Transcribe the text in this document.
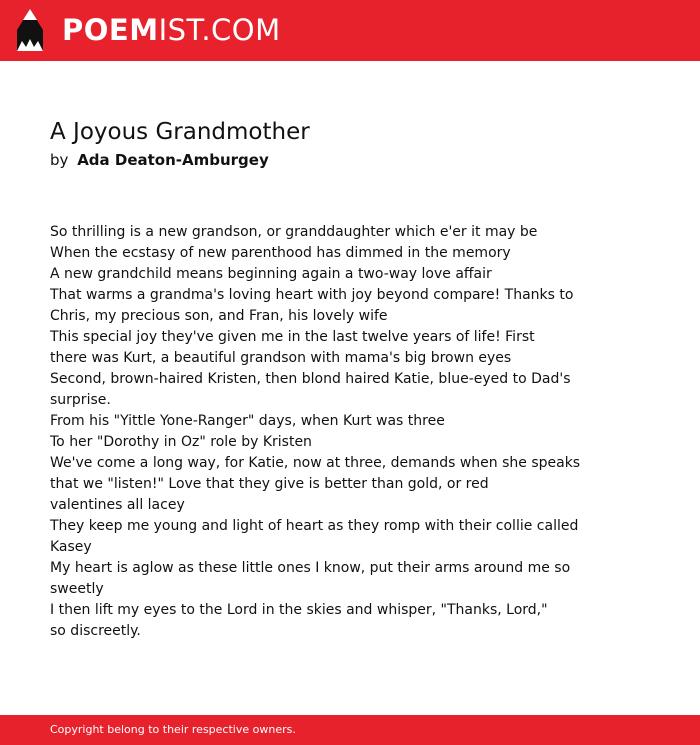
POEMIST.COM
A Joyous Grandmother
by Ada Deaton-Amburgey
So thrilling is a new grandson, or granddaughter which e'er it may be
When the ecstasy of new parenthood has dimmed in the memory
A new grandchild means beginning again a two-way love affair
That warms a grandma's loving heart with joy beyond compare! Thanks to
Chris, my precious son, and Fran, his lovely wife
This special joy they've given me in the last twelve years of life! First
there was Kurt, a beautiful grandson with mama's big brown eyes
Second, brown-haired Kristen, then blond haired Katie, blue-eyed to Dad's
surprise.
From his "Yittle Yone-Ranger" days, when Kurt was three
To her "Dorothy in Oz" role by Kristen
We've come a long way, for Katie, now at three, demands when she speaks
that we "listen!" Love that they give is better than gold, or red
valentines all lacey
They keep me young and light of heart as they romp with their collie called
Kasey
My heart is aglow as these little ones I know, put their arms around me so
sweetly
I then lift my eyes to the Lord in the skies and whisper, "Thanks, Lord,"
so discreetly.
Copyright belong to their respective owners.
